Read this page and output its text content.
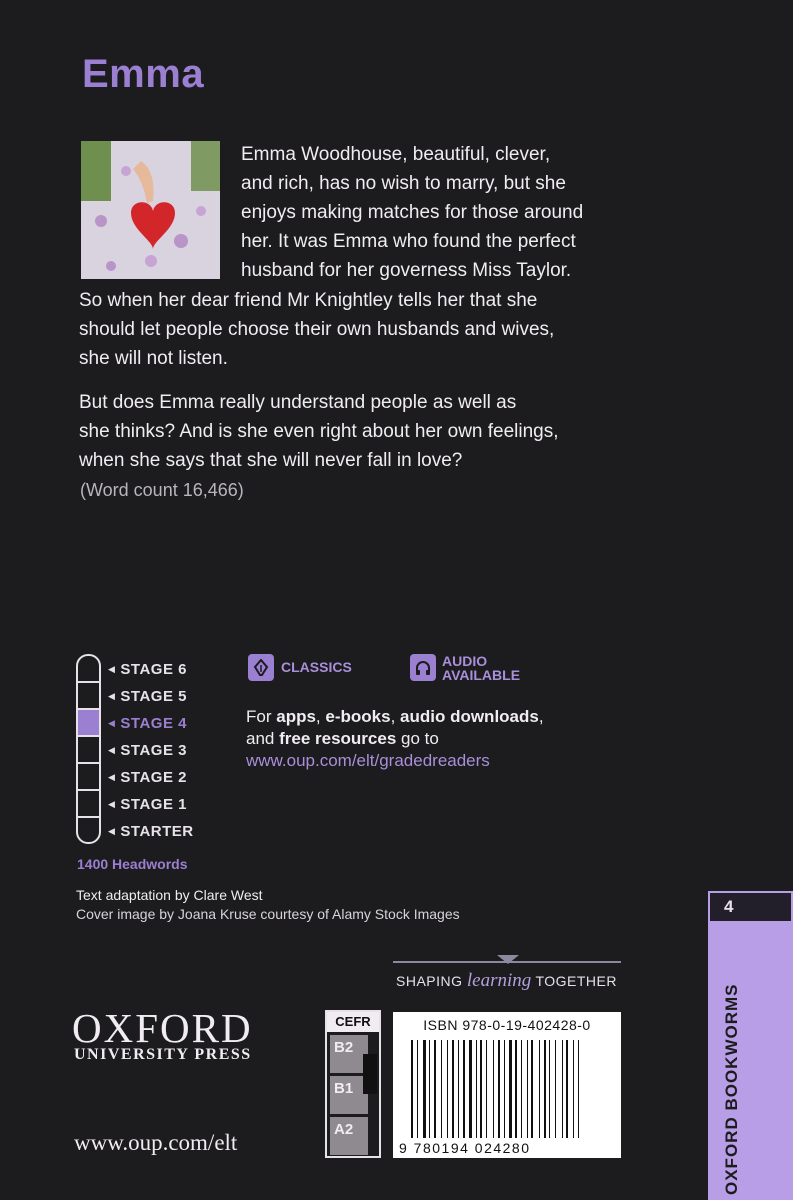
Emma
Emma Woodhouse, beautiful, clever,
and rich, has no wish to marry, but she
enjoys making matches for those around
her. It was Emma who found the perfect
husband for her governess Miss Taylor.
So when her dear friend Mr Knightley tells her that she
should let people choose their own husbands and wives,
she will not listen.
But does Emma really understand people as well as
she thinks? And is she even right about her own feelings,
when she says that she will never fall in love?
(Word count 16,466)
◀ STAGE 6
◀ STAGE 5
◀ STAGE 4
◀ STAGE 3
◀ STAGE 2
◀ STAGE 1
◀ STARTER
1400 Headwords
CLASSICS	AUDIO
AVAILABLE
For apps, e-books, audio downloads,
and free resources go to
www.oup.com/elt/gradedreaders
Text adaptation by Clare West
Cover image by Joana Kruse courtesy of Alamy Stock Images
SHAPING learning TOGETHER
OXFORD
UNIVERSITY PRESS
www.oup.com/elt
CEFR
B2
B1
A2
ISBN 978-0-19-402428-0
9 780194 024280
4
OXFORD BOOKWORMS
